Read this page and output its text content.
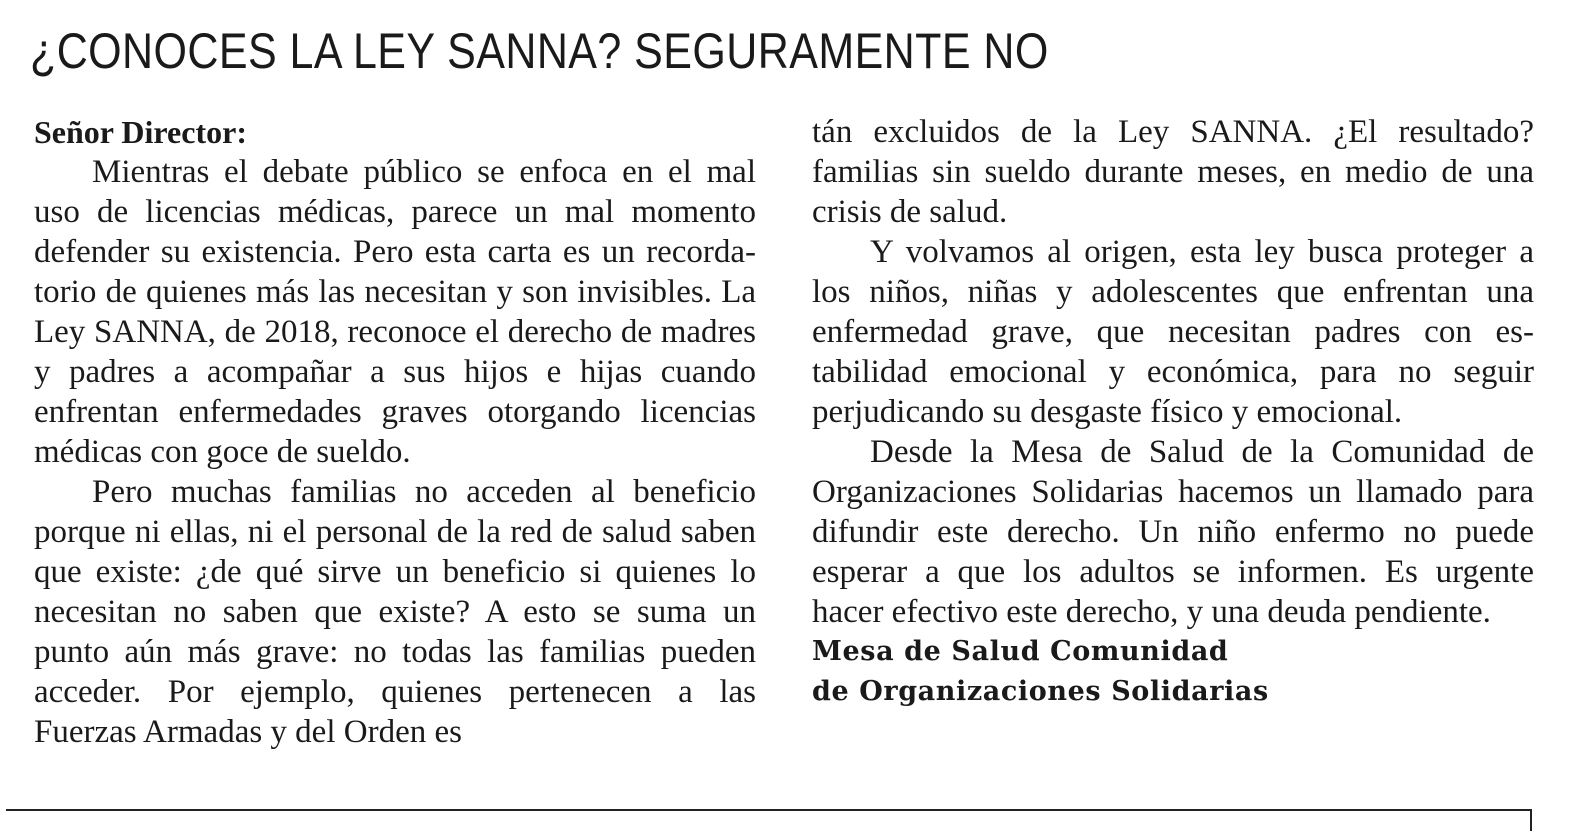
¿CONOCES LA LEY SANNA? SEGURAMENTE NO

Señor Director:

Mientras el debate público se enfoca en el mal uso de licencias médicas, parece un mal momento defender su existencia. Pero esta carta es un recordatorio de quienes más las necesitan y son invisibles. La Ley SANNA, de 2018, reconoce el derecho de madres y padres a acompañar a sus hijos e hijas cuando enfrentan enfermedades graves otorgando licencias médicas con goce de sueldo.

Pero muchas familias no acceden al beneficio porque ni ellas, ni el personal de la red de salud saben que existe: ¿de qué sirve un beneficio si quienes lo necesitan no saben que existe? A esto se suma un punto aún más grave: no todas las familias pueden acceder. Por ejemplo, quienes pertenecen a las Fuerzas Armadas y del Orden es

tán excluidos de la Ley SANNA. ¿El resultado? familias sin sueldo durante meses, en medio de una crisis de salud.

Y volvamos al origen, esta ley busca proteger a los niños, niñas y adolescentes que enfrentan una enfermedad grave, que necesitan padres con estabilidad emocional y económica, para no seguir perjudicando su desgaste físico y emocional.

Desde la Mesa de Salud de la Comunidad de Organizaciones Solidarias hacemos un llamado para difundir este derecho. Un niño enfermo no puede esperar a que los adultos se informen. Es urgente hacer efectivo este derecho, y una deuda pendiente.

Mesa de Salud Comunidad

de Organizaciones Solidarias
